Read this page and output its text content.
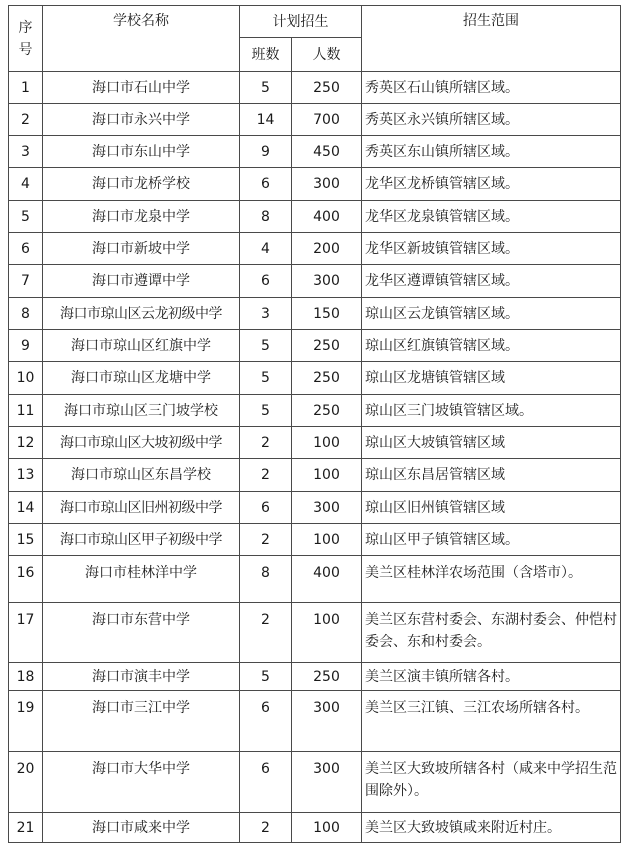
序
号	学校名称	计划招生		招生范围
		班数	人数	
1	海口市石山中学	5	250	秀英区石山镇所辖区域。
2	海口市永兴中学	14	700	秀英区永兴镇所辖区域。
3	海口市东山中学	9	450	秀英区东山镇所辖区域。
4	海口市龙桥学校	6	300	龙华区龙桥镇管辖区域。
5	海口市龙泉中学	8	400	龙华区龙泉镇管辖区域。
6	海口市新坡中学	4	200	龙华区新坡镇管辖区域。
7	海口市遵谭中学	6	300	龙华区遵谭镇管辖区域。
8	海口市琼山区云龙初级中学	3	150	琼山区云龙镇管辖区域。
9	海口市琼山区红旗中学	5	250	琼山区红旗镇管辖区域。
10	海口市琼山区龙塘中学	5	250	琼山区龙塘镇管辖区域
11	海口市琼山区三门坡学校	5	250	琼山区三门坡镇管辖区域。
12	海口市琼山区大坡初级中学	2	100	琼山区大坡镇管辖区域
13	海口市琼山区东昌学校	2	100	琼山区东昌居管辖区域
14	海口市琼山区旧州初级中学	6	300	琼山区旧州镇管辖区域
15	海口市琼山区甲子初级中学	2	100	琼山区甲子镇管辖区域。
16	海口市桂林洋中学	8	400	美兰区桂林洋农场范围（含塔市）。
17	海口市东营中学	2	100	美兰区东营村委会、东湖村委会、仲恺村委会、东和村委会。
18	海口市演丰中学	5	250	美兰区演丰镇所辖各村。
19	海口市三江中学	6	300	美兰区三江镇、三江农场所辖各村。
20	海口市大华中学	6	300	美兰区大致坡所辖各村（咸来中学招生范围除外）。
21	海口市咸来中学	2	100	美兰区大致坡镇咸来附近村庄。
